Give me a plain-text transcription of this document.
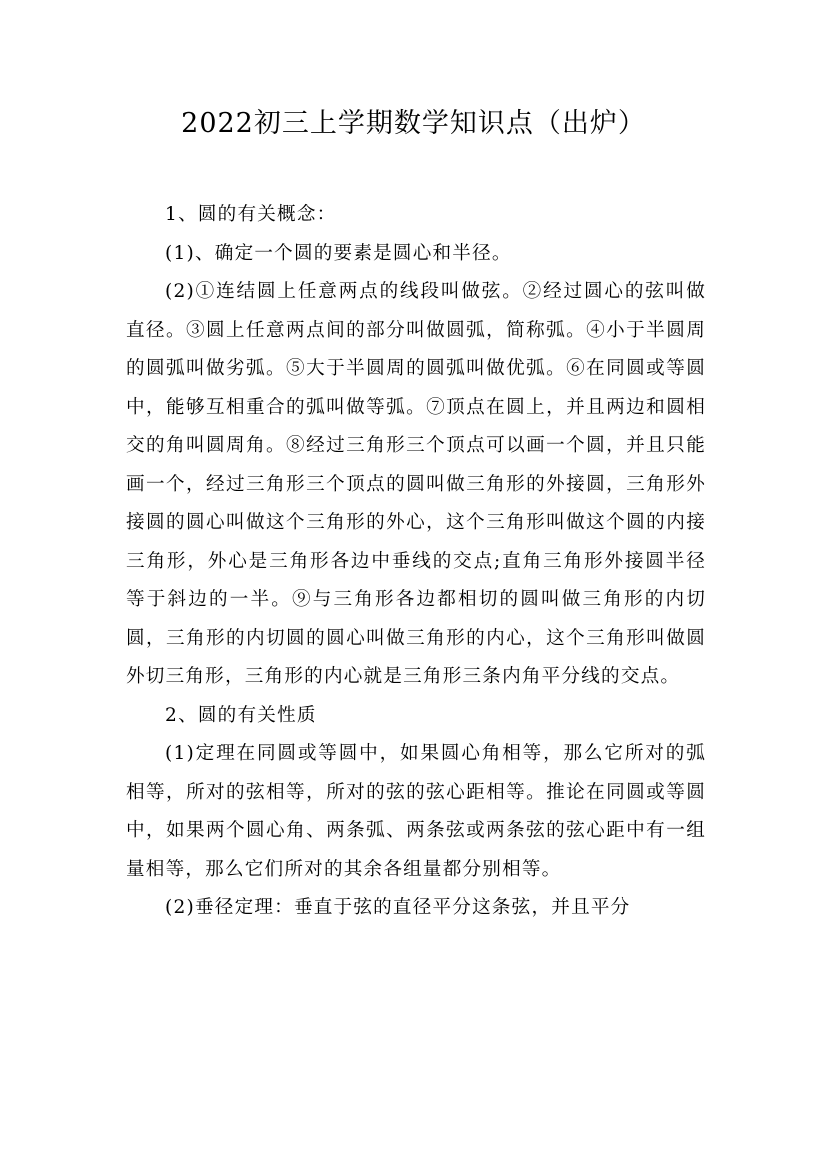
2022初三上学期数学知识点（出炉）

1、圆的有关概念：

(1)、确定一个圆的要素是圆心和半径。

(2)①连结圆上任意两点的线段叫做弦。②经过圆心的弦叫做直径。③圆上任意两点间的部分叫做圆弧，简称弧。④小于半圆周的圆弧叫做劣弧。⑤大于半圆周的圆弧叫做优弧。⑥在同圆或等圆中，能够互相重合的弧叫做等弧。⑦顶点在圆上，并且两边和圆相交的角叫圆周角。⑧经过三角形三个顶点可以画一个圆，并且只能画一个，经过三角形三个顶点的圆叫做三角形的外接圆，三角形外接圆的圆心叫做这个三角形的外心，这个三角形叫做这个圆的内接三角形，外心是三角形各边中垂线的交点;直角三角形外接圆半径等于斜边的一半。⑨与三角形各边都相切的圆叫做三角形的内切圆，三角形的内切圆的圆心叫做三角形的内心，这个三角形叫做圆外切三角形，三角形的内心就是三角形三条内角平分线的交点。

2、圆的有关性质

(1)定理在同圆或等圆中，如果圆心角相等，那么它所对的弧相等，所对的弦相等，所对的弦的弦心距相等。推论在同圆或等圆中，如果两个圆心角、两条弧、两条弦或两条弦的弦心距中有一组量相等，那么它们所对的其余各组量都分别相等。

(2)垂径定理：垂直于弦的直径平分这条弦，并且平分
